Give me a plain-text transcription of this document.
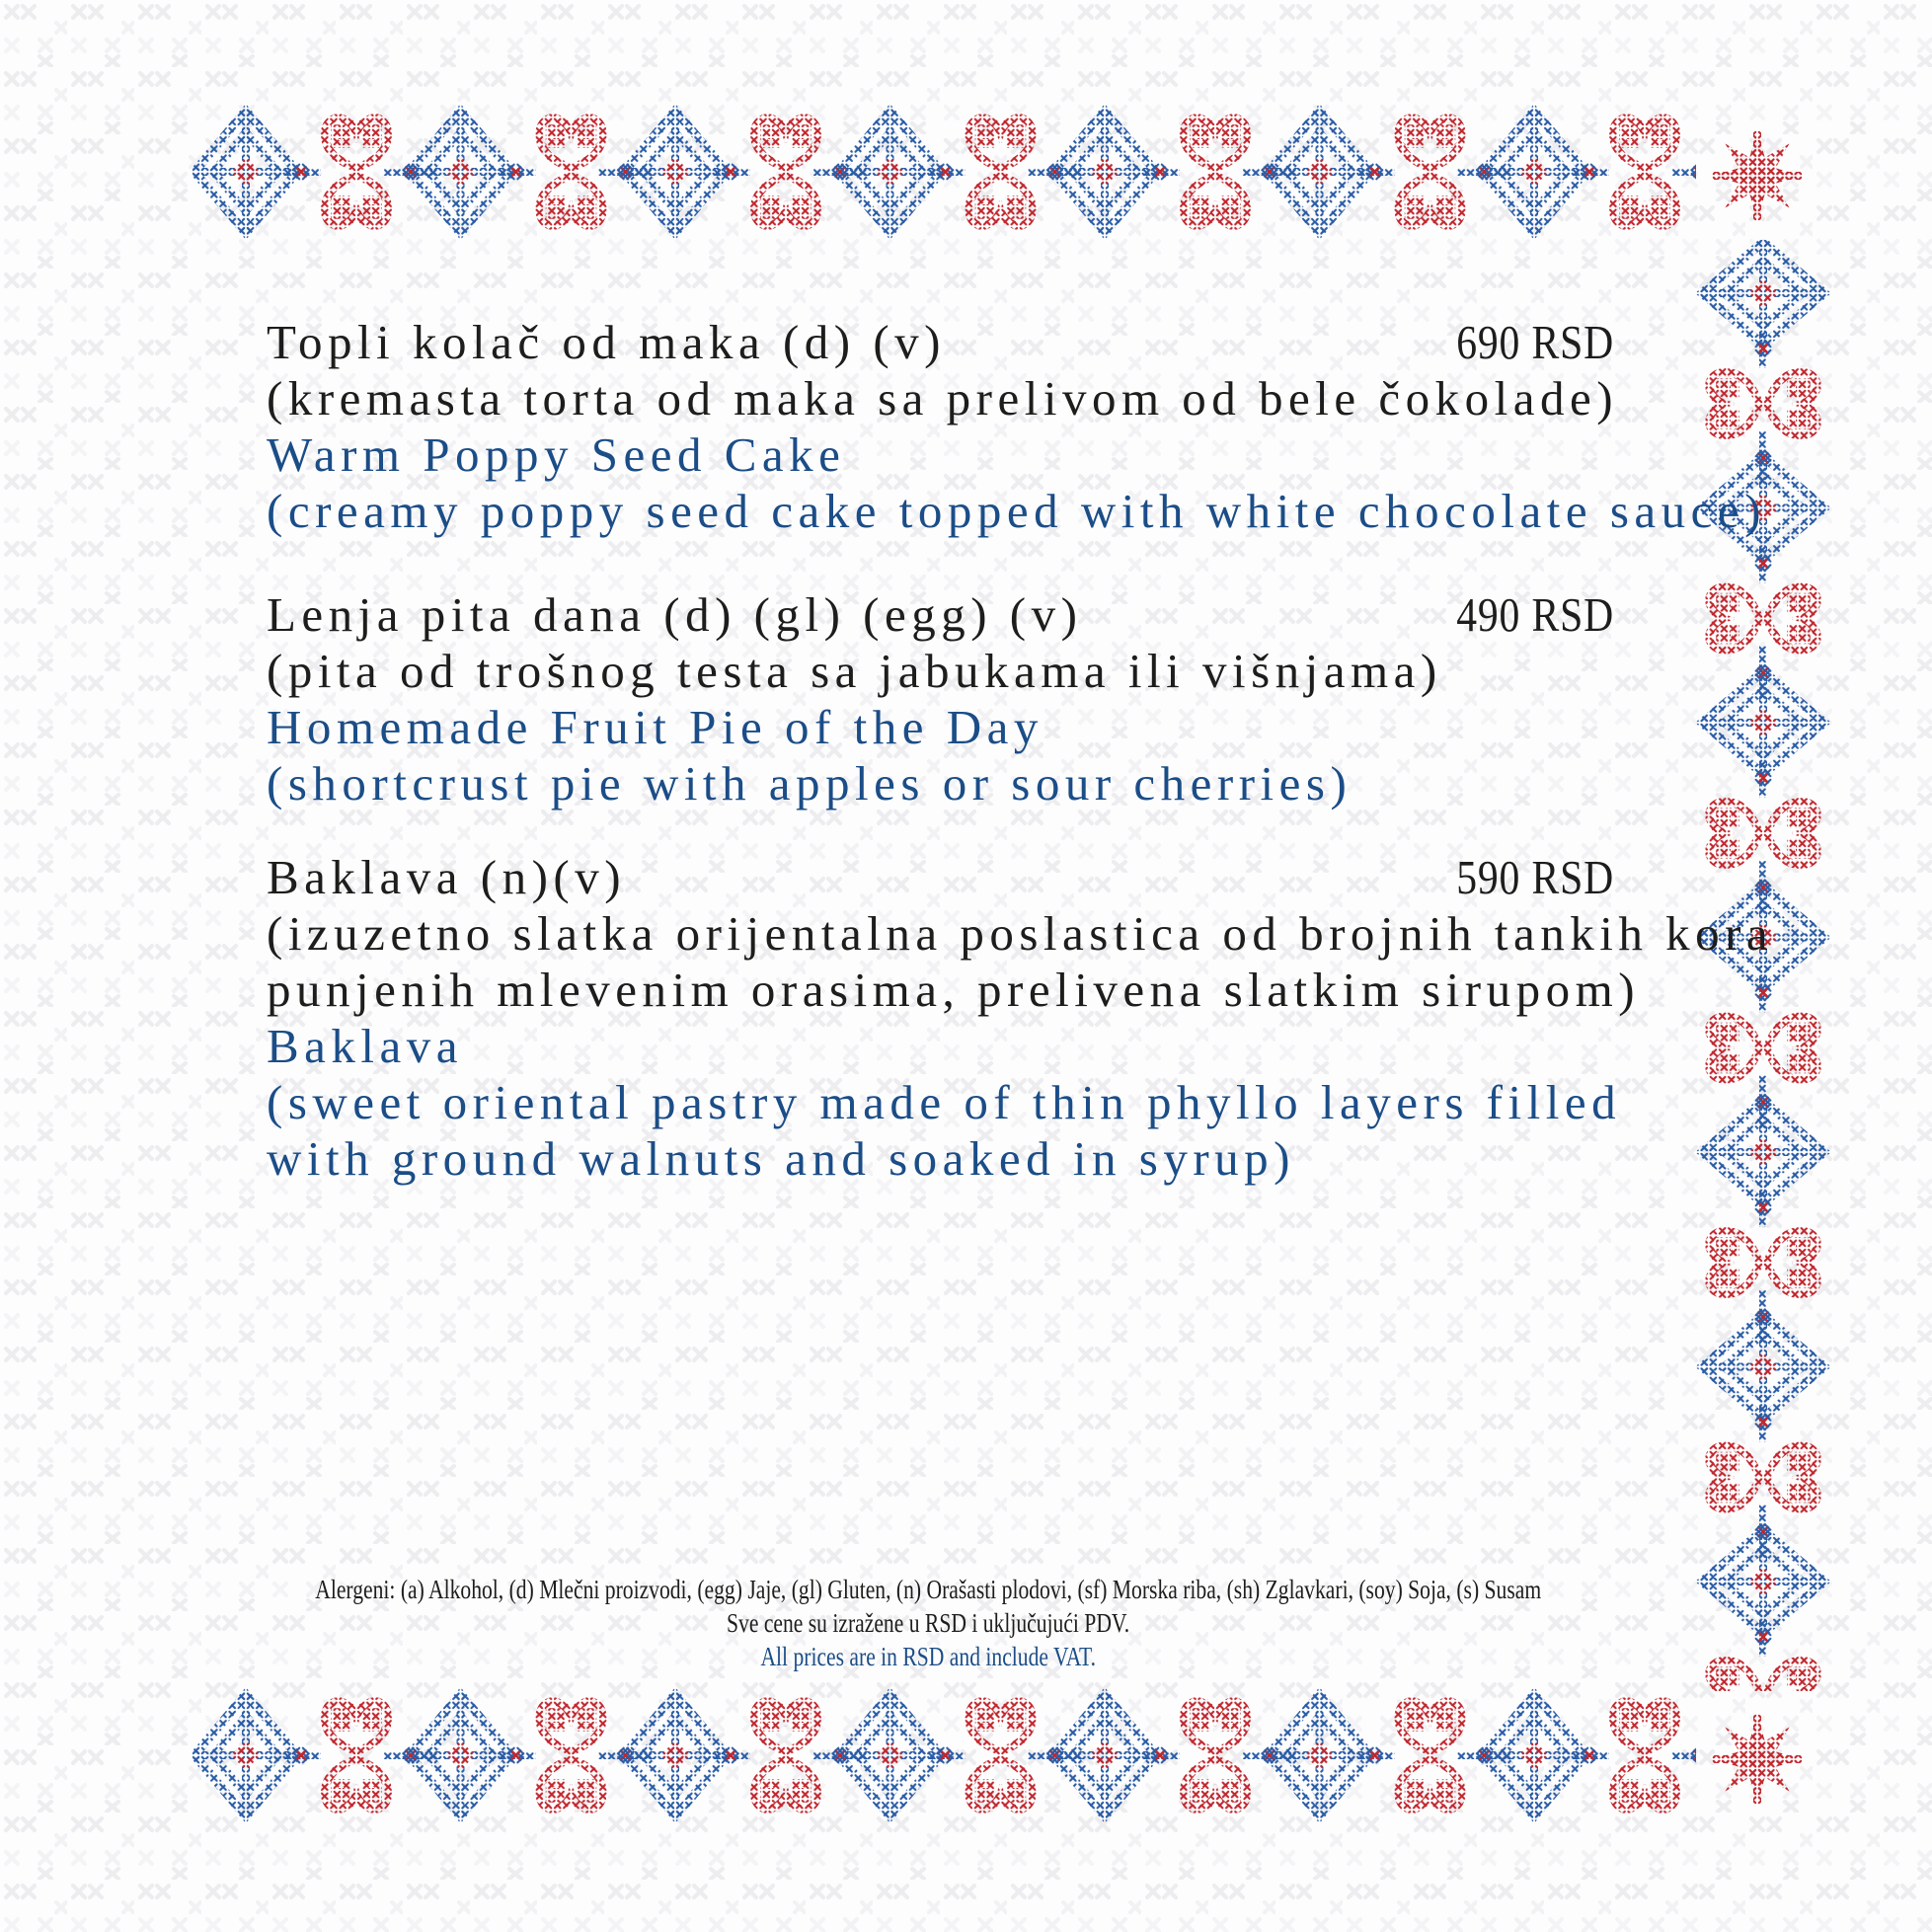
Topli kolač od maka (d) (v)
(kremasta torta od maka sa prelivom od bele čokolade)
Warm Poppy Seed Cake
(creamy poppy seed cake topped with white chocolate sauce)
690 RSD
Lenja pita dana (d) (gl) (egg) (v)
(pita od trošnog testa sa jabukama ili višnjama)
Homemade Fruit Pie of the Day
(shortcrust pie with apples or sour cherries)
490 RSD
Baklava (n)(v)
(izuzetno slatka orijentalna poslastica od brojnih tankih kora
punjenih mlevenim orasima, prelivena slatkim sirupom)
Baklava
(sweet oriental pastry made of thin phyllo layers filled
with ground walnuts and soaked in syrup)
590 RSD
Alergeni: (a) Alkohol, (d) Mlečni proizvodi, (egg) Jaje, (gl) Gluten, (n) Orašasti plodovi, (sf) Morska riba, (sh) Zglavkari, (soy) Soja, (s) Susam
Sve cene su izražene u RSD i uključujući PDV.
All prices are in RSD and include VAT.
